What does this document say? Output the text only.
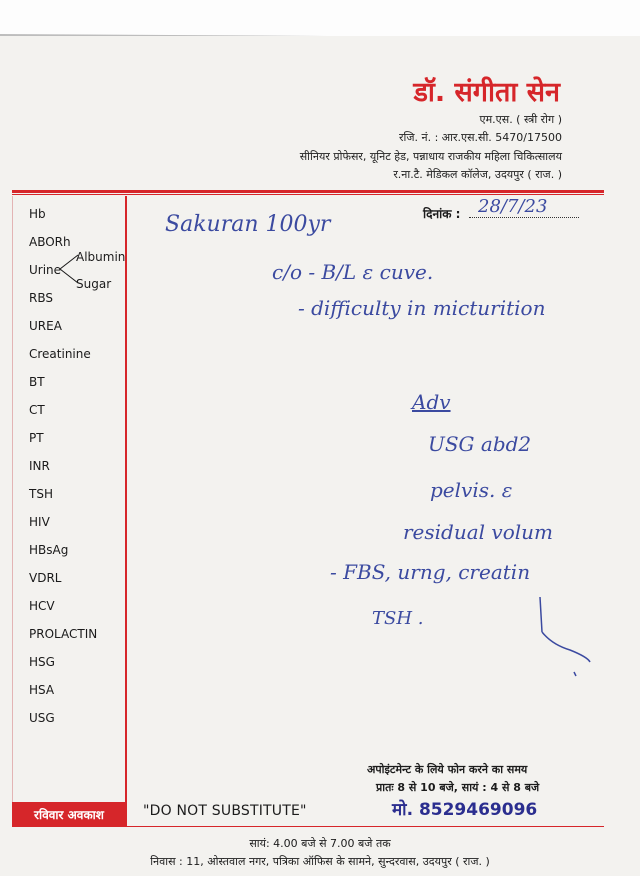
डॉ. संगीता सेन
एम.एस. ( स्त्री रोग )
रजि. नं. : आर.एस.सी. 5470/17500
सीनियर प्रोफेसर, यूनिट हेड, पन्नाधाय राजकीय महिला चिकित्सालय
र.ना.टै. मेडिकल कॉलेज, उदयपुर ( राज. )
Hb
ABORh
Urine
Albumin
Sugar
RBS
UREA
Creatinine
BT
CT
PT
INR
TSH
HIV
HBsAg
VDRL
HCV
PROLACTIN
HSG
HSA
USG
दिनांक : 28/7/23
Sakuran 100yr
c/o - B/L ε cuve.
- difficulty in micturition
Adv
USG abd2
pelvis. ɛ
residual volum
- FBS, urng, creatin
TSH .
अपोइंटमेन्ट के लिये फोन करने का समय
प्रातः 8 से 10 बजे, सायं : 4 से 8 बजे
मो. 8529469096
रविवार अवकाश	"DO NOT SUBSTITUTE"
सायं: 4.00 बजे से 7.00 बजे तक
निवास : 11, ओस्तवाल नगर, पत्रिका ऑफिस के सामने, सुन्दरवास, उदयपुर ( राज. )
